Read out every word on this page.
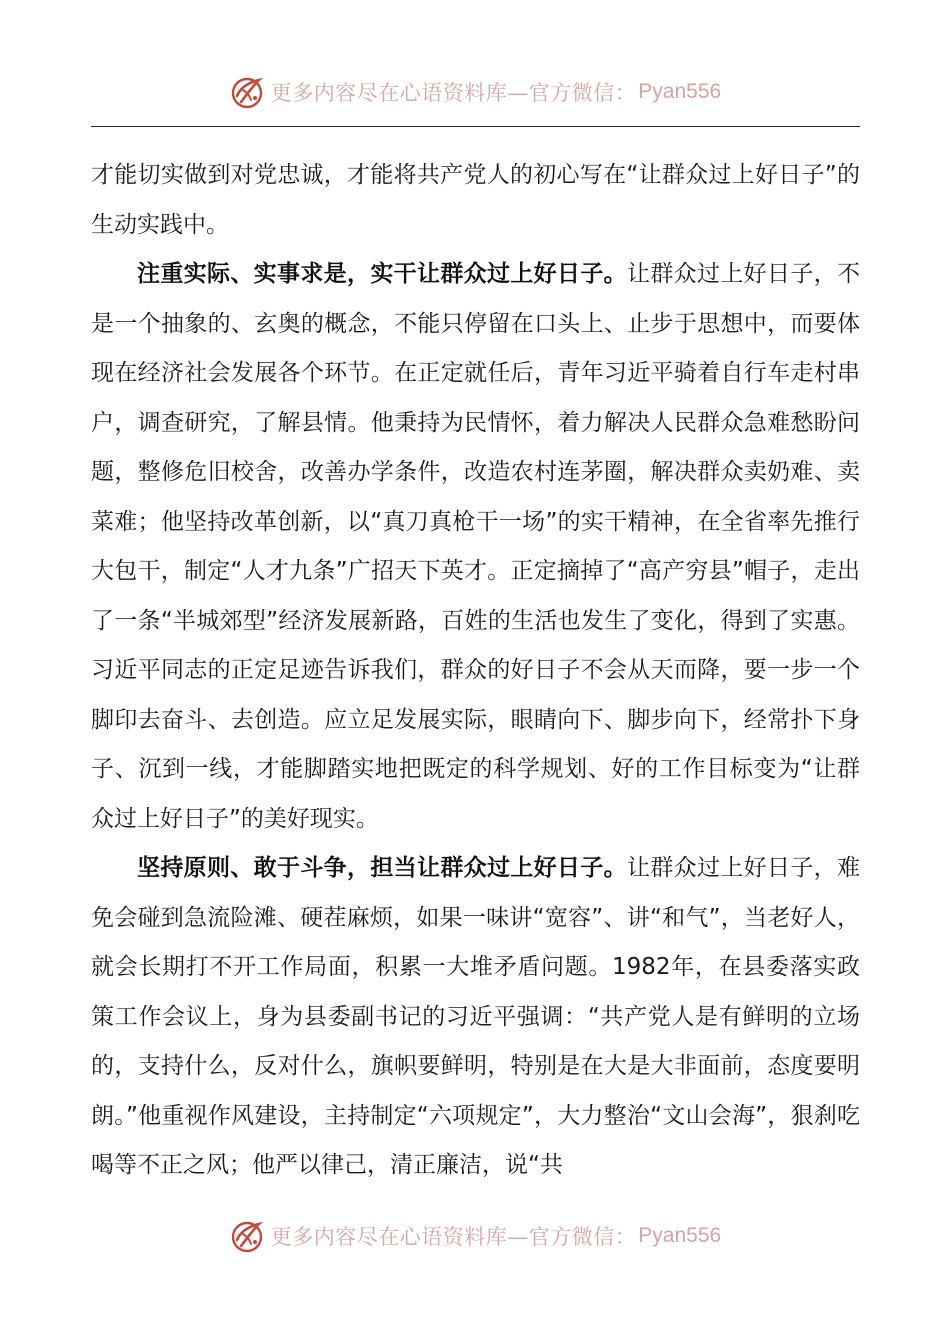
更多内容尽在心语资料库—官方微信： Pyan556

才能切实做到对党忠诚，才能将共产党人的初心写在“让群众过上好日子”的生动实践中。

注重实际、实事求是，实干让群众过上好日子。让群众过上好日子，不是一个抽象的、玄奥的概念，不能只停留在口头上、止步于思想中，而要体现在经济社会发展各个环节。在正定就任后，青年习近平骑着自行车走村串户，调查研究，了解县情。他秉持为民情怀，着力解决人民群众急难愁盼问题，整修危旧校舍，改善办学条件，改造农村连茅圈，解决群众卖奶难、卖菜难；他坚持改革创新，以“真刀真枪干一场”的实干精神，在全省率先推行大包干，制定“人才九条”广招天下英才。正定摘掉了“高产穷县”帽子，走出了一条“半城郊型”经济发展新路，百姓的生活也发生了变化，得到了实惠。习近平同志的正定足迹告诉我们，群众的好日子不会从天而降，要一步一个脚印去奋斗、去创造。应立足发展实际，眼睛向下、脚步向下，经常扑下身子、沉到一线，才能脚踏实地把既定的科学规划、好的工作目标变为“让群众过上好日子”的美好现实。

坚持原则、敢于斗争，担当让群众过上好日子。让群众过上好日子，难免会碰到急流险滩、硬茬麻烦，如果一味讲“宽容”、讲“和气”，当老好人，就会长期打不开工作局面，积累一大堆矛盾问题。1982年，在县委落实政策工作会议上，身为县委副书记的习近平强调：“共产党人是有鲜明的立场的，支持什么，反对什么，旗帜要鲜明，特别是在大是大非面前，态度要明朗。”他重视作风建设，主持制定“六项规定”，大力整治“文山会海”，狠刹吃喝等不正之风；他严以律己，清正廉洁，说“共

更多内容尽在心语资料库—官方微信： Pyan556
